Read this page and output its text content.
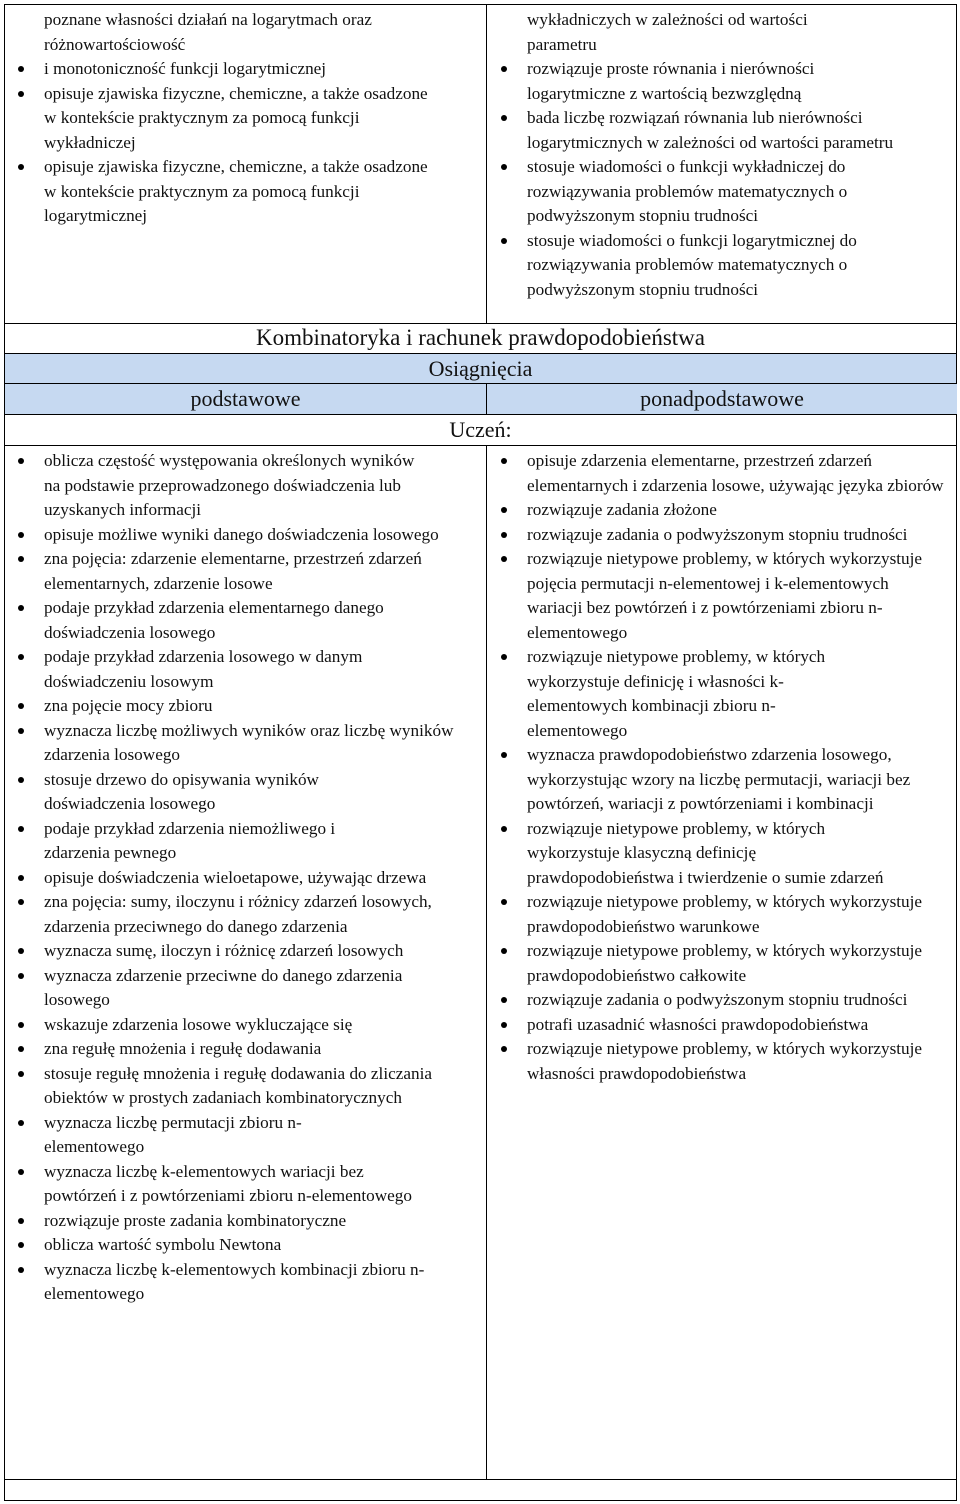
poznane własności działań na logarytmach oraz różnowartościowość
i monotoniczność funkcji logarytmicznej
opisuje zjawiska fizyczne, chemiczne, a także osadzone w kontekście praktycznym za pomocą funkcji wykładniczej
opisuje zjawiska fizyczne, chemiczne, a także osadzone w kontekście praktycznym za pomocą funkcji logarytmicznej
wykładniczych w zależności od wartości parametru
rozwiązuje proste równania i nierówności logarytmiczne z wartością bezwzględną
bada liczbę rozwiązań równania lub nierówności logarytmicznych w zależności od wartości parametru
stosuje wiadomości o funkcji wykładniczej do rozwiązywania problemów matematycznych o podwyższonym stopniu trudności
stosuje wiadomości o funkcji logarytmicznej do rozwiązywania problemów matematycznych o podwyższonym stopniu trudności
Kombinatoryka i rachunek prawdopodobieństwa
Osiągnięcia
podstawowe	ponadpodstawowe
Uczeń:
oblicza częstość występowania określonych wyników na podstawie przeprowadzonego doświadczenia lub uzyskanych informacji
opisuje możliwe wyniki danego doświadczenia losowego
zna pojęcia: zdarzenie elementarne, przestrzeń zdarzeń elementarnych, zdarzenie losowe
podaje przykład zdarzenia elementarnego danego doświadczenia losowego
podaje przykład zdarzenia losowego w danym doświadczeniu losowym
zna pojęcie mocy zbioru
wyznacza liczbę możliwych wyników oraz liczbę wyników zdarzenia losowego
stosuje drzewo do opisywania wyników doświadczenia losowego
podaje przykład zdarzenia niemożliwego i zdarzenia pewnego
opisuje doświadczenia wieloetapowe, używając drzewa
zna pojęcia: sumy, iloczynu i różnicy zdarzeń losowych, zdarzenia przeciwnego do danego zdarzenia
wyznacza sumę, iloczyn i różnicę zdarzeń losowych
wyznacza zdarzenie przeciwne do danego zdarzenia losowego
wskazuje zdarzenia losowe wykluczające się
zna regułę mnożenia i regułę dodawania
stosuje regułę mnożenia i regułę dodawania do zliczania obiektów w prostych zadaniach kombinatorycznych
wyznacza liczbę permutacji zbioru n-elementowego
wyznacza liczbę k-elementowych wariacji bez powtórzeń i z powtórzeniami zbioru n-elementowego
rozwiązuje proste zadania kombinatoryczne
oblicza wartość symbolu Newtona
wyznacza liczbę k-elementowych kombinacji zbioru n-elementowego
opisuje zdarzenia elementarne, przestrzeń zdarzeń elementarnych i zdarzenia losowe, używając języka zbiorów
rozwiązuje zadania złożone
rozwiązuje zadania o podwyższonym stopniu trudności
rozwiązuje nietypowe problemy, w których wykorzystuje pojęcia permutacji n-elementowej i k-elementowych wariacji bez powtórzeń i z powtórzeniami zbioru n-elementowego
rozwiązuje nietypowe problemy, w których wykorzystuje definicję i własności k-elementowych kombinacji zbioru n-elementowego
wyznacza prawdopodobieństwo zdarzenia losowego, wykorzystując wzory na liczbę permutacji, wariacji bez powtórzeń, wariacji z powtórzeniami i kombinacji
rozwiązuje nietypowe problemy, w których wykorzystuje klasyczną definicję prawdopodobieństwa i twierdzenie o sumie zdarzeń
rozwiązuje nietypowe problemy, w których wykorzystuje prawdopodobieństwo warunkowe
rozwiązuje nietypowe problemy, w których wykorzystuje prawdopodobieństwo całkowite
rozwiązuje zadania o podwyższonym stopniu trudności
potrafi uzasadnić własności prawdopodobieństwa
rozwiązuje nietypowe problemy, w których wykorzystuje własności prawdopodobieństwa
